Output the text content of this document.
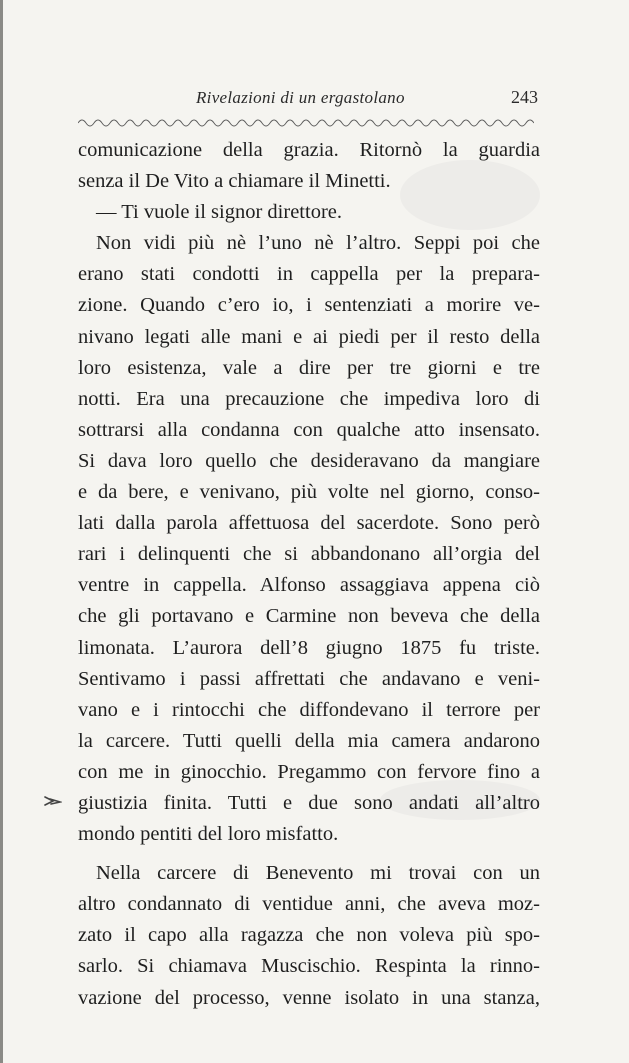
Rivelazioni di un ergastolano	243
comunicazione della grazia. Ritornò la guardia
senza il De Vito a chiamare il Minetti.
— Ti vuole il signor direttore.
Non vidi più nè l’uno nè l’altro. Seppi poi che
erano stati condotti in cappella per la prepara-
zione. Quando c’ero io, i sentenziati a morire ve-
nivano legati alle mani e ai piedi per il resto della
loro esistenza, vale a dire per tre giorni e tre
notti. Era una precauzione che impediva loro di
sottrarsi alla condanna con qualche atto insensato.
Si dava loro quello che desideravano da mangiare
e da bere, e venivano, più volte nel giorno, conso-
lati dalla parola affettuosa del sacerdote. Sono però
rari i delinquenti che si abbandonano all’orgia del
ventre in cappella. Alfonso assaggiava appena ciò
che gli portavano e Carmine non beveva che della
limonata. L’aurora dell’8 giugno 1875 fu triste.
Sentivamo i passi affrettati che andavano e veni-
vano e i rintocchi che diffondevano il terrore per
la carcere. Tutti quelli della mia camera andarono
con me in ginocchio. Pregammo con fervore fino a
giustizia finita. Tutti e due sono andati all’altro
mondo pentiti del loro misfatto.
Nella carcere di Benevento mi trovai con un
altro condannato di ventidue anni, che aveva moz-
zato il capo alla ragazza che non voleva più spo-
sarlo. Si chiamava Muscischio. Respinta la rinno-
vazione del processo, venne isolato in una stanza,
